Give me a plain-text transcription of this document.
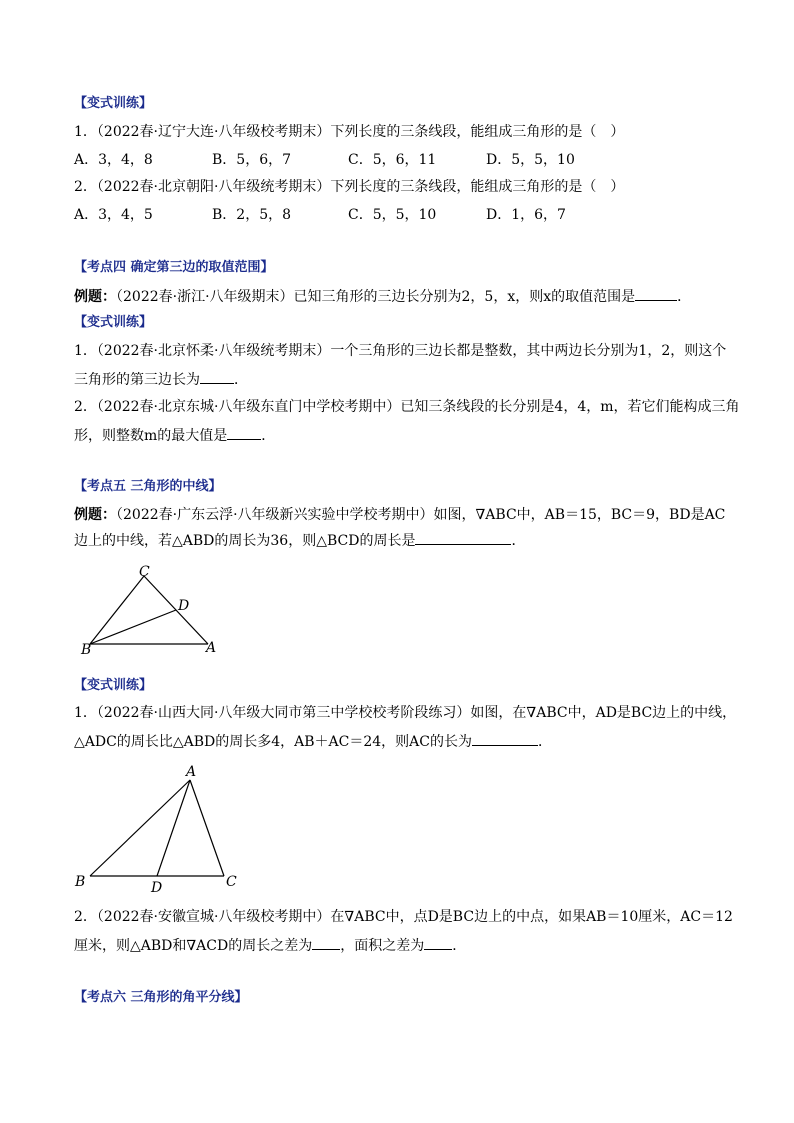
【变式训练】
1．（2022春·辽宁大连·八年级校考期末）下列长度的三条线段，能组成三角形的是（　）
A．3，4，8	B．5，6，7	C．5，6，11	D．5，5，10
2．（2022春·北京朝阳·八年级统考期末）下列长度的三条线段，能组成三角形的是（　）
A．3，4，5	B．2，5，8	C．5，5，10	D．1，6，7
【考点四 确定第三边的取值范围】
例题：（2022春·浙江·八年级期末）已知三角形的三边长分别为2，5，x，则x的取值范围是	．
【变式训练】
1．（2022春·北京怀柔·八年级统考期末）一个三角形的三边长都是整数，其中两边长分别为1，2，则这个
三角形的第三边长为 ．
2．（2022春·北京东城·八年级东直门中学校考期中）已知三条线段的长分别是4，4，m，若它们能构成三角
形，则整数m的最大值是 ．
【考点五 三角形的中线】
例题：（2022春·广东云浮·八年级新兴实验中学校考期中）如图，∇ABC中，AB＝15，BC＝9，BD是AC
边上的中线，若△ABD的周长为36，则△BCD的周长是	．
C
D
B	A
【变式训练】
1．（2022春·山西大同·八年级大同市第三中学校校考阶段练习）如图，在∇ABC中，AD是BC边上的中线，
△ADC的周长比△ABD的周长多4，AB＋AC＝24，则AC的长为	．
A
B	D	C
2．（2022春·安徽宣城·八年级校考期中）在∇ABC中，点D是BC边上的中点，如果AB＝10厘米，AC＝12
厘米，则△ABD和∇ACD的周长之差为 ，面积之差为 ．
【考点六 三角形的角平分线】
